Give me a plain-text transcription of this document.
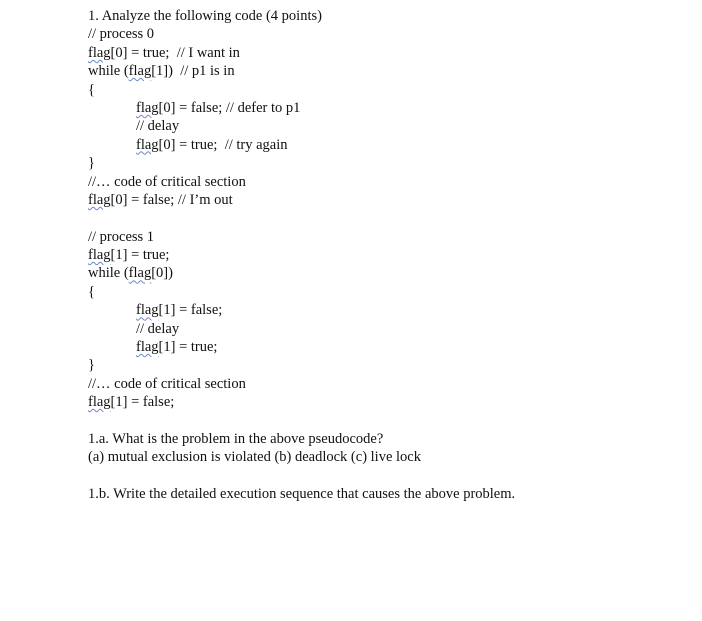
1. Analyze the following code (4 points)
// process 0
flag[0] = true;  // I want in
while (flag[1])  // p1 is in
{
flag[0] = false; // defer to p1
// delay
flag[0] = true;  // try again
}
//… code of critical section
flag[0] = false; // I’m out
// process 1
flag[1] = true;
while (flag[0])
{
flag[1] = false;
// delay
flag[1] = true;
}
//… code of critical section
flag[1] = false;
1.a. What is the problem in the above pseudocode?
(a) mutual exclusion is violated (b) deadlock (c) live lock
1.b. Write the detailed execution sequence that causes the above problem.
